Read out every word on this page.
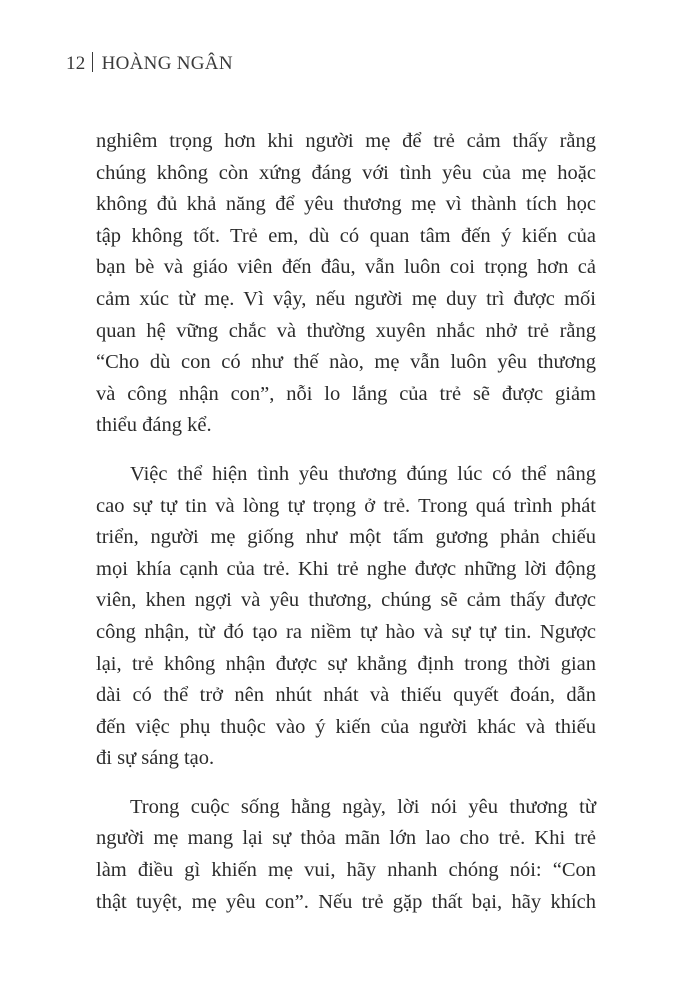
12 HOÀNG NGÂN

nghiêm trọng hơn khi người mẹ để trẻ cảm thấy rằng
chúng không còn xứng đáng với tình yêu của mẹ hoặc
không đủ khả năng để yêu thương mẹ vì thành tích học
tập không tốt. Trẻ em, dù có quan tâm đến ý kiến của
bạn bè và giáo viên đến đâu, vẫn luôn coi trọng hơn cả
cảm xúc từ mẹ. Vì vậy, nếu người mẹ duy trì được mối
quan hệ vững chắc và thường xuyên nhắc nhở trẻ rằng
“Cho dù con có như thế nào, mẹ vẫn luôn yêu thương
và công nhận con”, nỗi lo lắng của trẻ sẽ được giảm
thiểu đáng kể.

Việc thể hiện tình yêu thương đúng lúc có thể nâng
cao sự tự tin và lòng tự trọng ở trẻ. Trong quá trình phát
triển, người mẹ giống như một tấm gương phản chiếu
mọi khía cạnh của trẻ. Khi trẻ nghe được những lời động
viên, khen ngợi và yêu thương, chúng sẽ cảm thấy được
công nhận, từ đó tạo ra niềm tự hào và sự tự tin. Ngược
lại, trẻ không nhận được sự khẳng định trong thời gian
dài có thể trở nên nhút nhát và thiếu quyết đoán, dẫn
đến việc phụ thuộc vào ý kiến của người khác và thiếu
đi sự sáng tạo.

Trong cuộc sống hằng ngày, lời nói yêu thương từ
người mẹ mang lại sự thỏa mãn lớn lao cho trẻ. Khi trẻ
làm điều gì khiến mẹ vui, hãy nhanh chóng nói: “Con
thật tuyệt, mẹ yêu con”. Nếu trẻ gặp thất bại, hãy khích
